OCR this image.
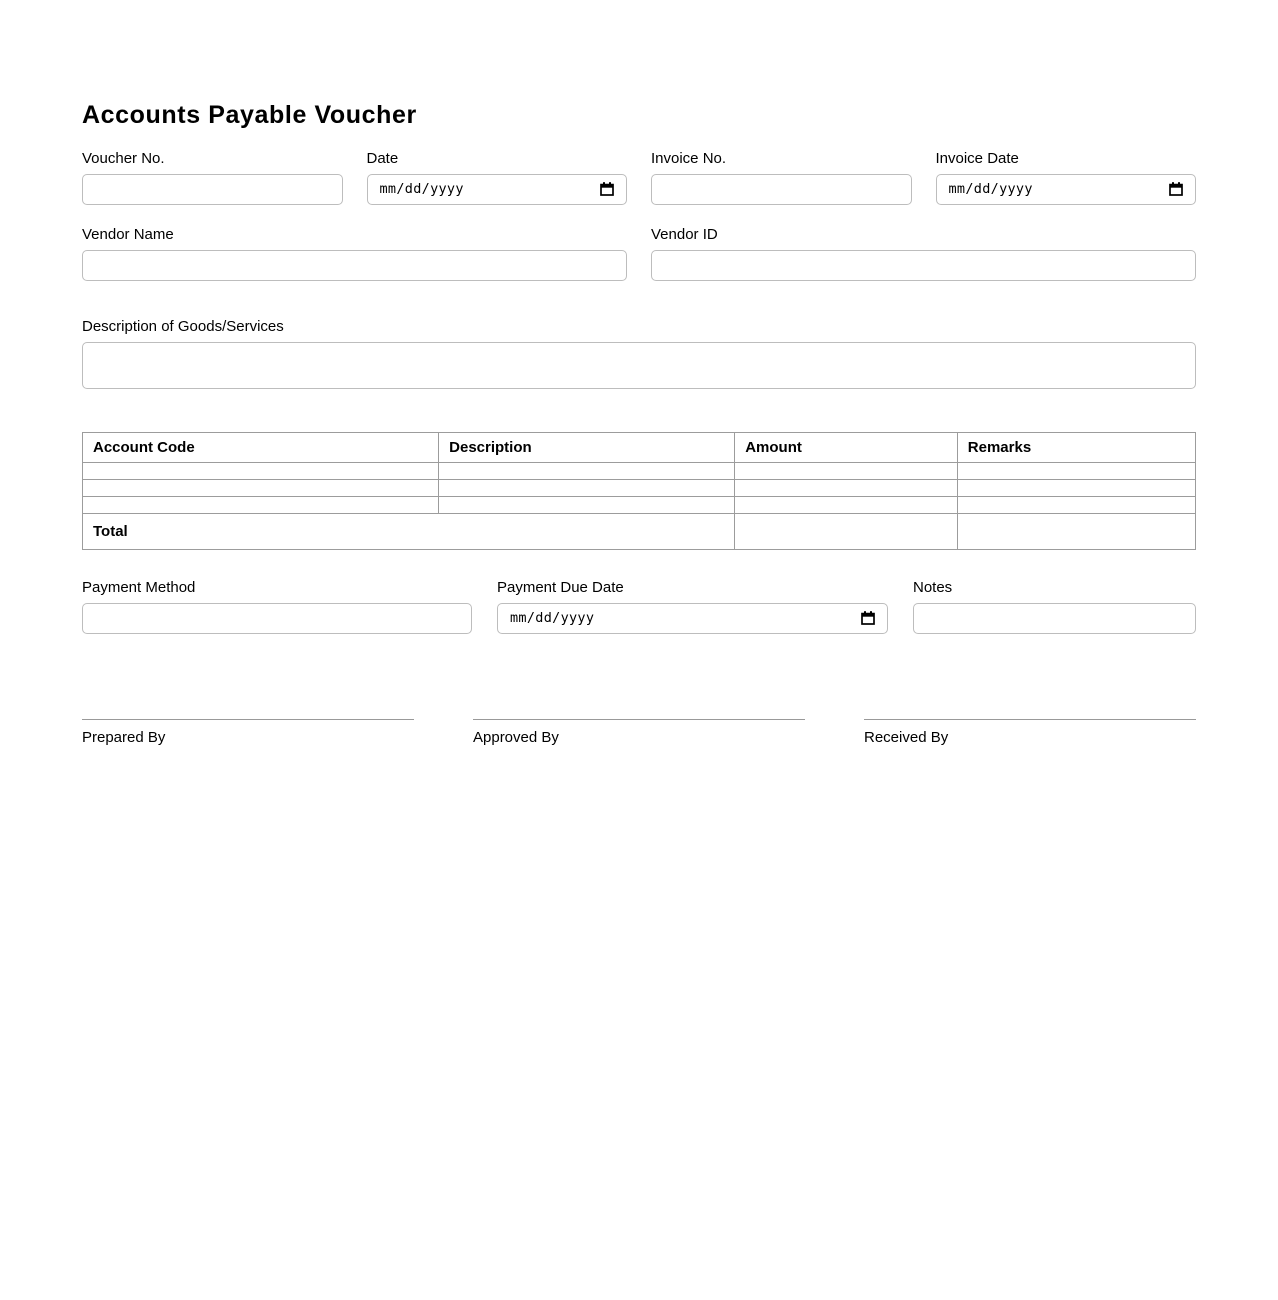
Accounts Payable Voucher
Voucher No.	Date
mm/dd/yyyy
Invoice No.	Invoice Date
mm/dd/yyyy
Vendor Name	Vendor ID
Description of Goods/Services
Account Code	Description	Amount	Remarks

Total			
Payment Method	Payment Due Date
mm/dd/yyyy
Notes
Prepared By	Approved By	Received By
